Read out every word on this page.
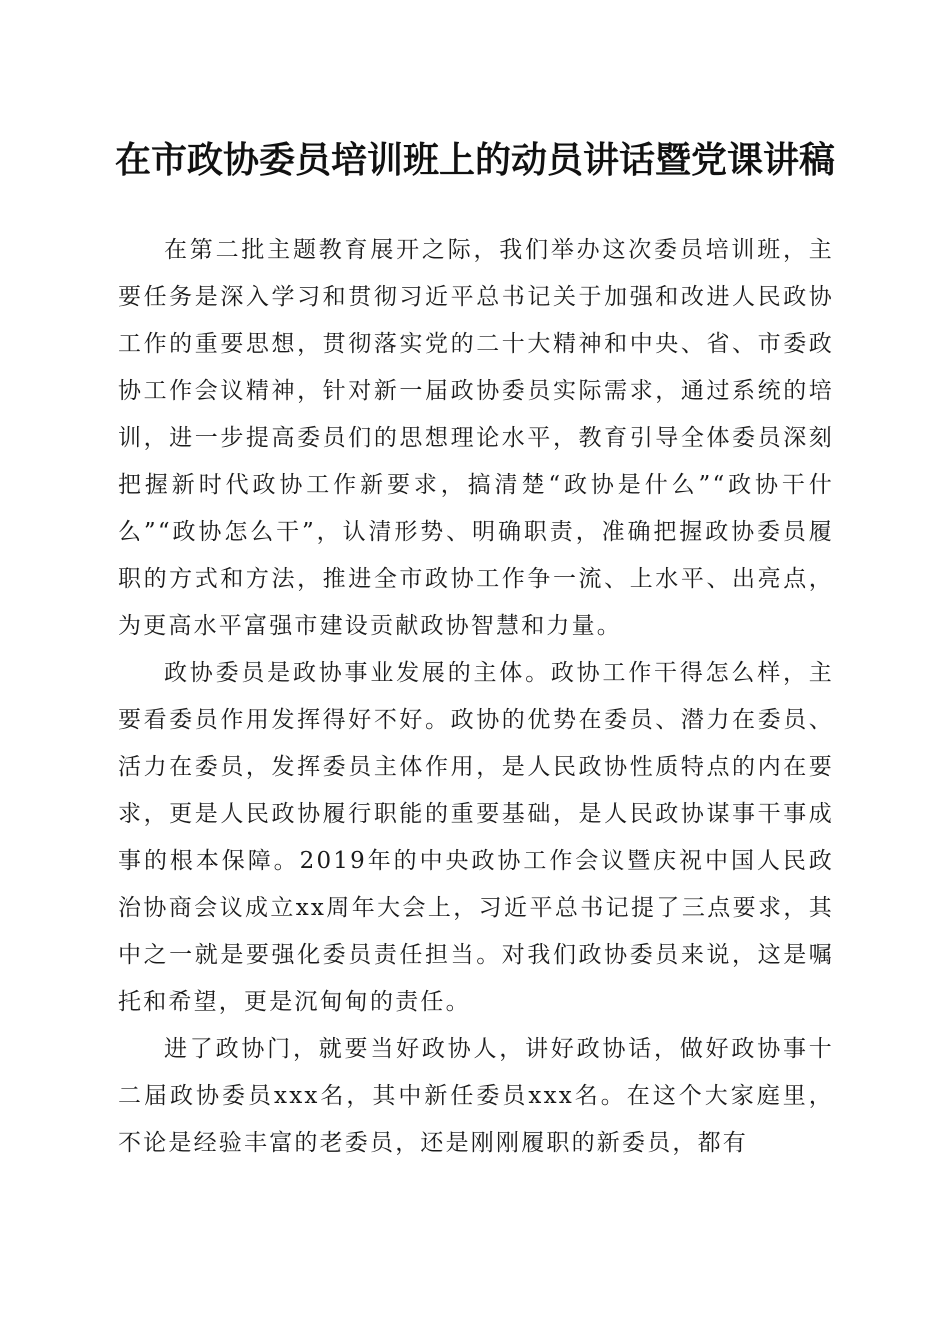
在市政协委员培训班上的动员讲话暨党课讲稿

在第二批主题教育展开之际，我们举办这次委员培训班，主要任务是深入学习和贯彻习近平总书记关于加强和改进人民政协工作的重要思想，贯彻落实党的二十大精神和中央、省、市委政协工作会议精神，针对新一届政协委员实际需求，通过系统的培训，进一步提高委员们的思想理论水平，教育引导全体委员深刻把握新时代政协工作新要求，搞清楚“政协是什么”“政协干什么”“政协怎么干”，认清形势、明确职责，准确把握政协委员履职的方式和方法，推进全市政协工作争一流、上水平、出亮点，为更高水平富强市建设贡献政协智慧和力量。

政协委员是政协事业发展的主体。政协工作干得怎么样，主要看委员作用发挥得好不好。政协的优势在委员、潜力在委员、活力在委员，发挥委员主体作用，是人民政协性质特点的内在要求，更是人民政协履行职能的重要基础，是人民政协谋事干事成事的根本保障。2019年的中央政协工作会议暨庆祝中国人民政治协商会议成立xx周年大会上，习近平总书记提了三点要求，其中之一就是要强化委员责任担当。对我们政协委员来说，这是嘱托和希望，更是沉甸甸的责任。

进了政协门，就要当好政协人，讲好政协话，做好政协事十二届政协委员xxx名，其中新任委员xxx名。在这个大家庭里，不论是经验丰富的老委员，还是刚刚履职的新委员，都有
